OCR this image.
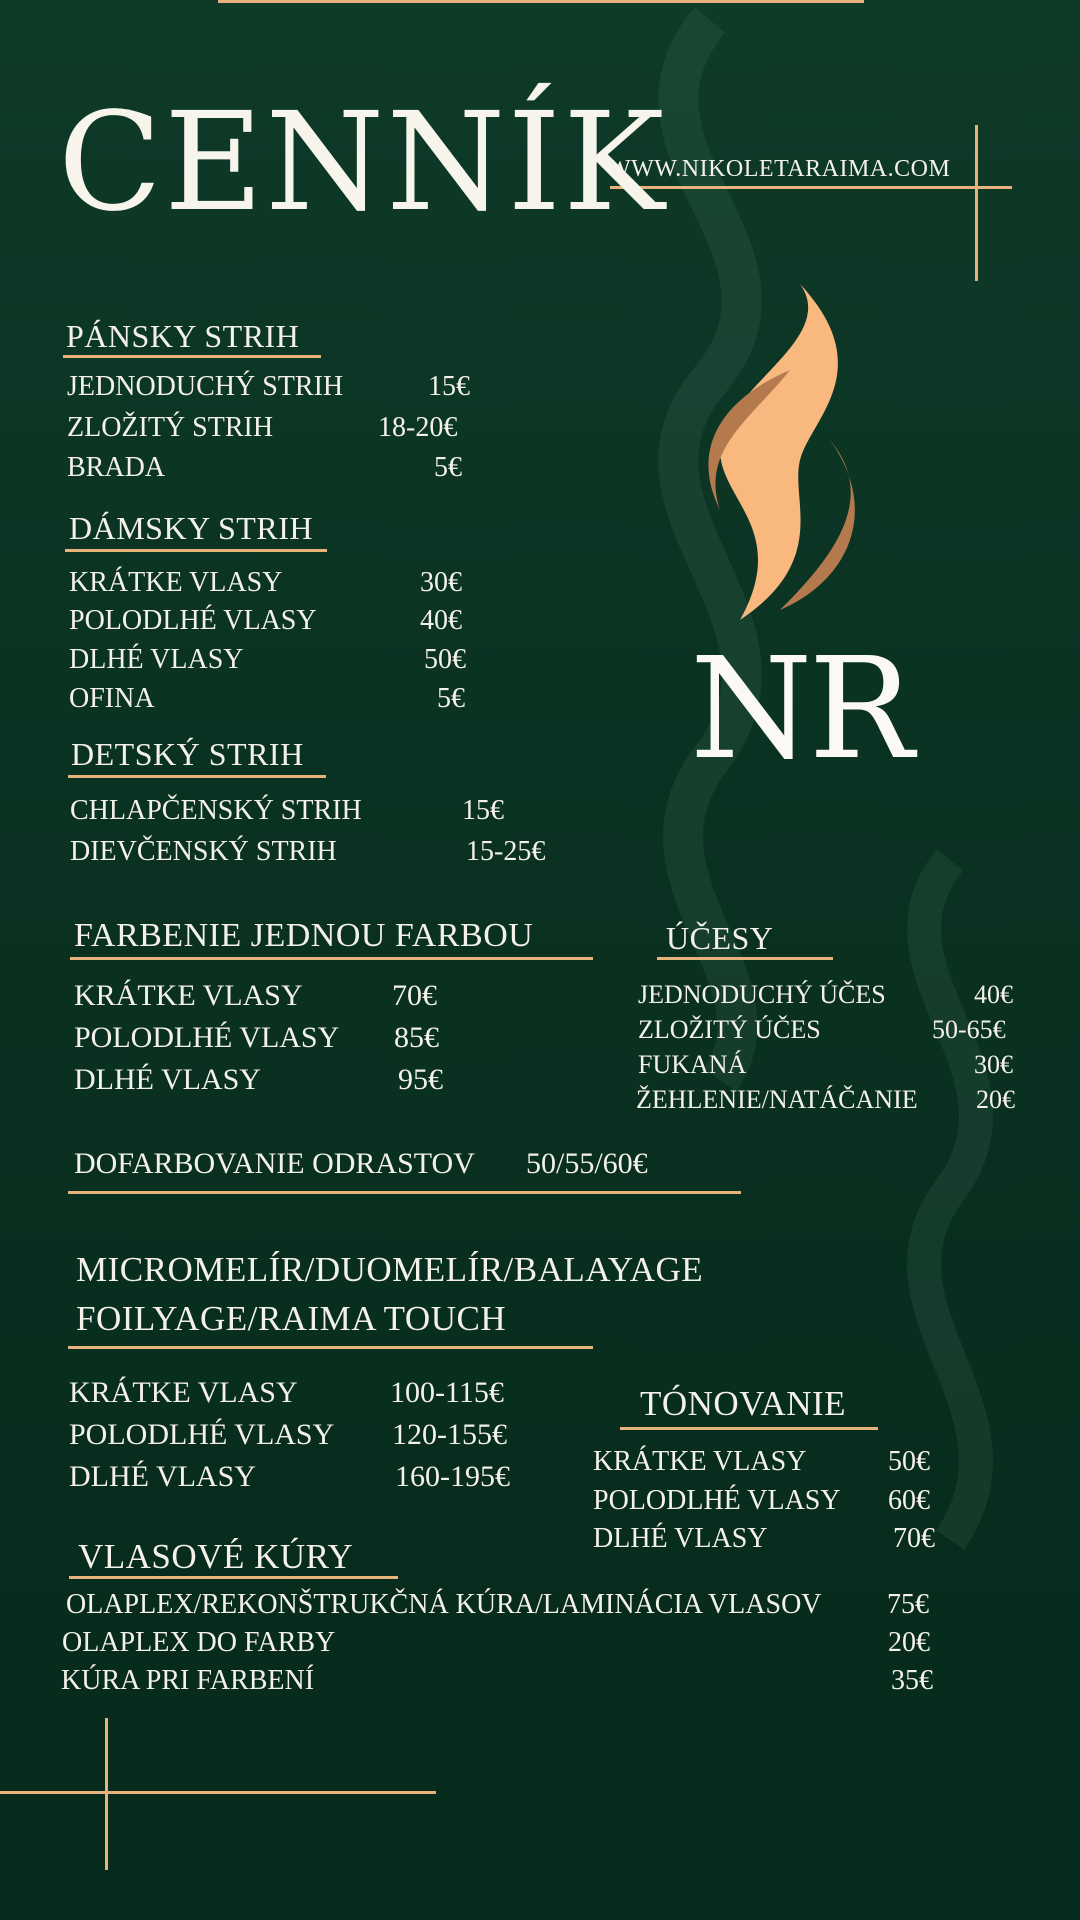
CENNÍK
WWW.NIKOLETARAIMA.COM
NR
PÁNSKY STRIH
JEDNODUCHÝ STRIH	15€
ZLOŽITÝ STRIH	18-20€
BRADA	5€
DÁMSKY STRIH
KRÁTKE VLASY	30€
POLODLHÉ VLASY	40€
DLHÉ VLASY	50€
OFINA	5€
DETSKÝ STRIH
CHLAPČENSKÝ STRIH	15€
DIEVČENSKÝ STRIH	15-25€
FARBENIE JEDNOU FARBOU
KRÁTKE VLASY	70€
POLODLHÉ VLASY 85€
DLHÉ VLASY	95€
ÚČESY
JEDNODUCHÝ ÚČES	40€
ZLOŽITÝ ÚČES	50-65€
FUKANÁ	30€
ŽEHLENIE/NATÁČANIE 20€
DOFARBOVANIE ODRASTOV 50/55/60€
MICROMELÍR/DUOMELÍR/BALAYAGE
FOILYAGE/RAIMA TOUCH
KRÁTKE VLASY	100-115€
POLODLHÉ VLASY 120-155€
DLHÉ VLASY	160-195€
TÓNOVANIE
KRÁTKE VLASY	50€
POLODLHÉ VLASY 60€
DLHÉ VLASY	70€
VLASOVÉ KÚRY
OLAPLEX/REKONŠTRUKČNÁ KÚRA/LAMINÁCIA VLASOV 75€
OLAPLEX DO FARBY	20€
KÚRA PRI FARBENÍ	35€
